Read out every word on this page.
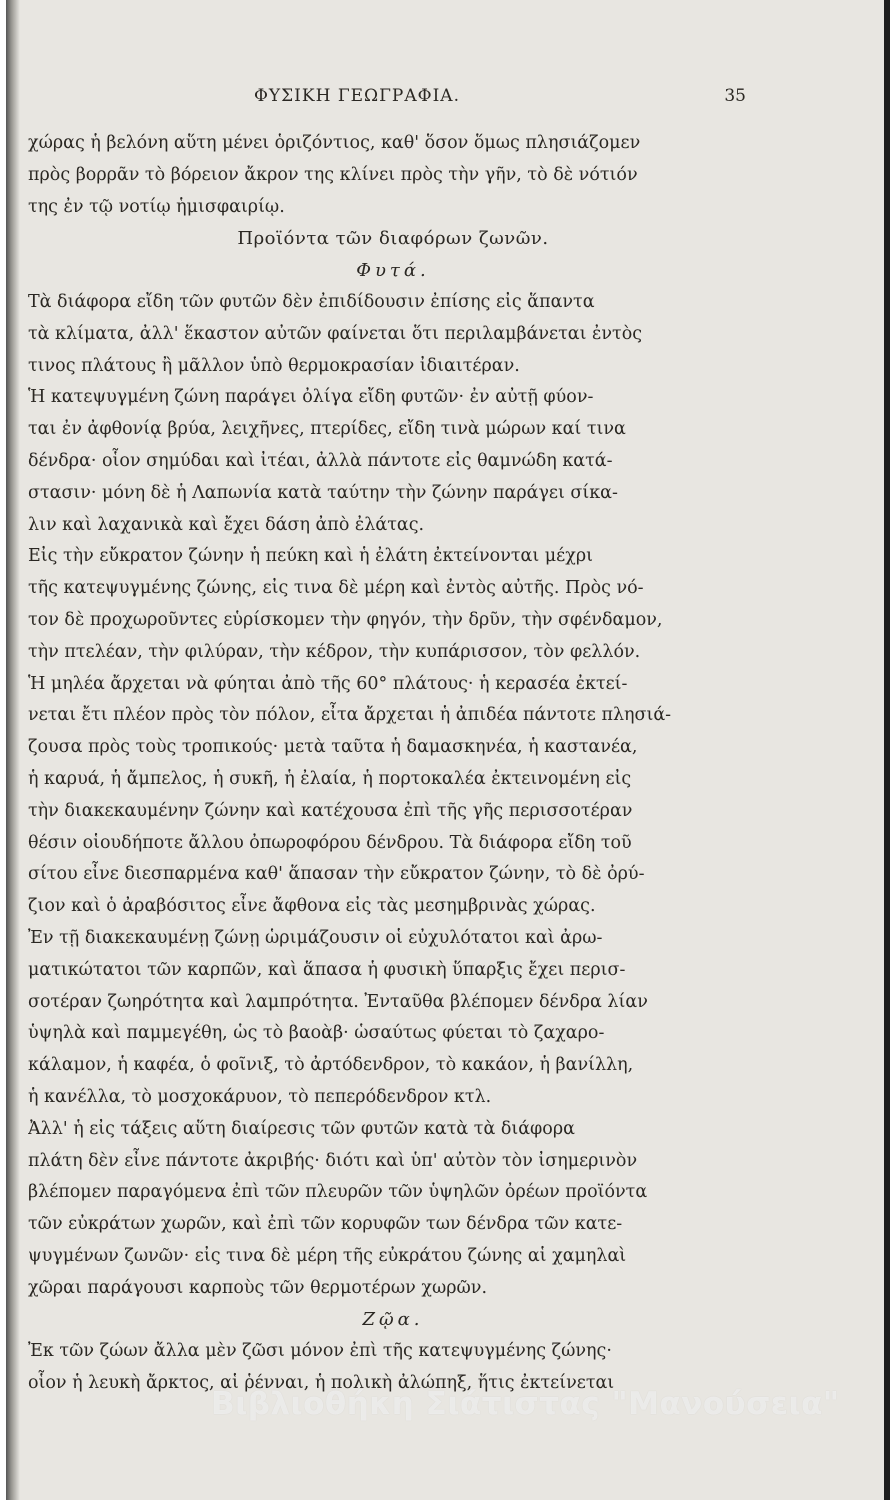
ΦΥΣΙΚΗ ΓΕΩΓΡΑΦΙΑ.	35
χώρας ἡ βελόνη αὕτη μένει ὁριζόντιος, καθ' ὅσον ὅμως πλησιάζομεν
πρὸς βορρᾶν τὸ βόρειον ἄκρον της κλίνει πρὸς τὴν γῆν, τὸ δὲ νότιόν
της ἐν τῷ νοτίῳ ἡμισφαιρίῳ.
Προϊόντα τῶν διαφόρων ζωνῶν.
Φυτά.
Τὰ διάφορα εἴδη τῶν φυτῶν δὲν ἐπιδίδουσιν ἐπίσης εἰς ἅπαντα
τὰ κλίματα, ἀλλ' ἕκαστον αὐτῶν φαίνεται ὅτι περιλαμβάνεται ἐντὸς
τινος πλάτους ἢ μᾶλλον ὑπὸ θερμοκρασίαν ἰδιαιτέραν.
Ἡ κατεψυγμένη ζώνη παράγει ὀλίγα εἴδη φυτῶν· ἐν αὐτῇ φύον-
ται ἐν ἀφθονίᾳ βρύα, λειχῆνες, πτερίδες, εἴδη τινὰ μώρων καί τινα
δένδρα· οἷον σημύδαι καὶ ἰτέαι, ἀλλὰ πάντοτε εἰς θαμνώδη κατά-
στασιν· μόνη δὲ ἡ Λαπωνία κατὰ ταύτην τὴν ζώνην παράγει σίκα-
λιν καὶ λαχανικὰ καὶ ἔχει δάση ἀπὸ ἐλάτας.
Εἰς τὴν εὔκρατον ζώνην ἡ πεύκη καὶ ἡ ἐλάτη ἐκτείνονται μέχρι
τῆς κατεψυγμένης ζώνης, εἰς τινα δὲ μέρη καὶ ἐντὸς αὐτῆς. Πρὸς νό-
τον δὲ προχωροῦντες εὑρίσκομεν τὴν φηγόν, τὴν δρῦν, τὴν σφένδαμον,
τὴν πτελέαν, τὴν φιλύραν, τὴν κέδρον, τὴν κυπάρισσον, τὸν φελλόν.
Ἡ μηλέα ἄρχεται νὰ φύηται ἀπὸ τῆς 60° πλάτους· ἡ κερασέα ἐκτεί-
νεται ἔτι πλέον πρὸς τὸν πόλον, εἶτα ἄρχεται ἡ ἀπιδέα πάντοτε πλησιά-
ζουσα πρὸς τοὺς τροπικούς· μετὰ ταῦτα ἡ δαμασκηνέα, ἡ καστανέα,
ἡ καρυά, ἡ ἄμπελος, ἡ συκῆ, ἡ ἐλαία, ἡ πορτοκαλέα ἐκτεινομένη εἰς
τὴν διακεκαυμένην ζώνην καὶ κατέχουσα ἐπὶ τῆς γῆς περισσοτέραν
θέσιν οἱουδήποτε ἄλλου ὀπωροφόρου δένδρου. Τὰ διάφορα εἴδη τοῦ
σίτου εἶνε διεσπαρμένα καθ' ἅπασαν τὴν εὔκρατον ζώνην, τὸ δὲ ὀρύ-
ζιον καὶ ὁ ἀραβόσιτος εἶνε ἄφθονα εἰς τὰς μεσημβρινὰς χώρας.
Ἐν τῇ διακεκαυμένῃ ζώνῃ ὡριμάζουσιν οἱ εὐχυλότατοι καὶ ἀρω-
ματικώτατοι τῶν καρπῶν, καὶ ἅπασα ἡ φυσικὴ ὕπαρξις ἔχει περισ-
σοτέραν ζωηρότητα καὶ λαμπρότητα. Ἐνταῦθα βλέπομεν δένδρα λίαν
ὑψηλὰ καὶ παμμεγέθη, ὡς τὸ βαοὰβ· ὡσαύτως φύεται τὸ ζαχαρο-
κάλαμον, ἡ καφέα, ὁ φοῖνιξ, τὸ ἀρτόδενδρον, τὸ κακάον, ἡ βανίλλη,
ἡ κανέλλα, τὸ μοσχοκάρυον, τὸ πεπερόδενδρον κτλ.
Ἀλλ' ἡ εἰς τάξεις αὕτη διαίρεσις τῶν φυτῶν κατὰ τὰ διάφορα
πλάτη δὲν εἶνε πάντοτε ἀκριβής· διότι καὶ ὑπ' αὐτὸν τὸν ἰσημερινὸν
βλέπομεν παραγόμενα ἐπὶ τῶν πλευρῶν τῶν ὑψηλῶν ὀρέων προϊόντα
τῶν εὐκράτων χωρῶν, καὶ ἐπὶ τῶν κορυφῶν των δένδρα τῶν κατε-
ψυγμένων ζωνῶν· εἰς τινα δὲ μέρη τῆς εὐκράτου ζώνης αἱ χαμηλαὶ
χῶραι παράγουσι καρποὺς τῶν θερμοτέρων χωρῶν.
Ζῷα.
Ἐκ τῶν ζώων ἄλλα μὲν ζῶσι μόνον ἐπὶ τῆς κατεψυγμένης ζώνης·
οἷον ἡ λευκὴ ἄρκτος, αἱ ῥένναι, ἡ πολικὴ ἀλώπηξ, ἥτις ἐκτείνεται
Βιβλιοθήκη Σιάτιστας "Μανούσεια"
